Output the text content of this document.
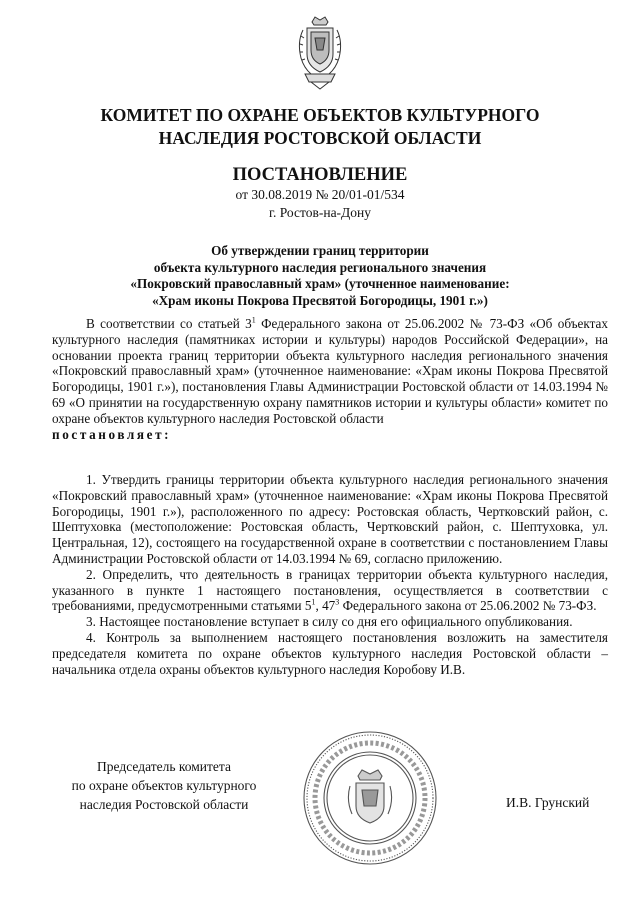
КОМИТЕТ ПО ОХРАНЕ ОБЪЕКТОВ КУЛЬТУРНОГО
НАСЛЕДИЯ РОСТОВСКОЙ ОБЛАСТИ
ПОСТАНОВЛЕНИЕ
от 30.08.2019 № 20/01-01/534
г. Ростов-на-Дону
Об утверждении границ территории
объекта культурного наследия регионального значения
«Покровский православный храм» (уточненное наименование:
«Храм иконы Покрова Пресвятой Богородицы, 1901 г.»)

В соответствии со статьей $3^1$ Федерального закона от 25.06.2002 № 73-ФЗ «Об объектах культурного наследия (памятниках истории и культуры) народов Российской Федерации», на основании проекта границ территории объекта культурного наследия регионального значения «Покровский православный храм» (уточненное наименование: «Храм иконы Покрова Пресвятой Богородицы, 1901 г.»), постановления Главы Администрации Ростовской области от 14.03.1994 № 69 «О принятии на государственную охрану памятников истории и культуры области» комитет по охране объектов культурного наследия Ростовской области

постановляет:

1. Утвердить границы территории объекта культурного наследия регионального значения «Покровский православный храм» (уточненное наименование: «Храм иконы Покрова Пресвятой Богородицы, 1901 г.»), расположенного по адресу: Ростовская область, Чертковский район, с. Шептуховка (местоположение: Ростовская область, Чертковский район, с. Шептуховка, ул. Центральная, 12), состоящего на государственной охране в соответствии с постановлением Главы Администрации Ростовской области от 14.03.1994 № 69, согласно приложению.

2. Определить, что деятельность в границах территории объекта культурного наследия, указанного в пункте 1 настоящего постановления, осуществляется в соответствии с требованиями, предусмотренными статьями $5^1$, $47^3$ Федерального закона от 25.06.2002 № 73-ФЗ.

3. Настоящее постановление вступает в силу со дня его официального опубликования.

4. Контроль за выполнением настоящего постановления возложить на заместителя председателя комитета по охране объектов культурного наследия Ростовской области – начальника отдела охраны объектов культурного наследия Коробову И.В.

Председатель комитета
по охране объектов культурного
наследия Ростовской области	И.В. Грунский
